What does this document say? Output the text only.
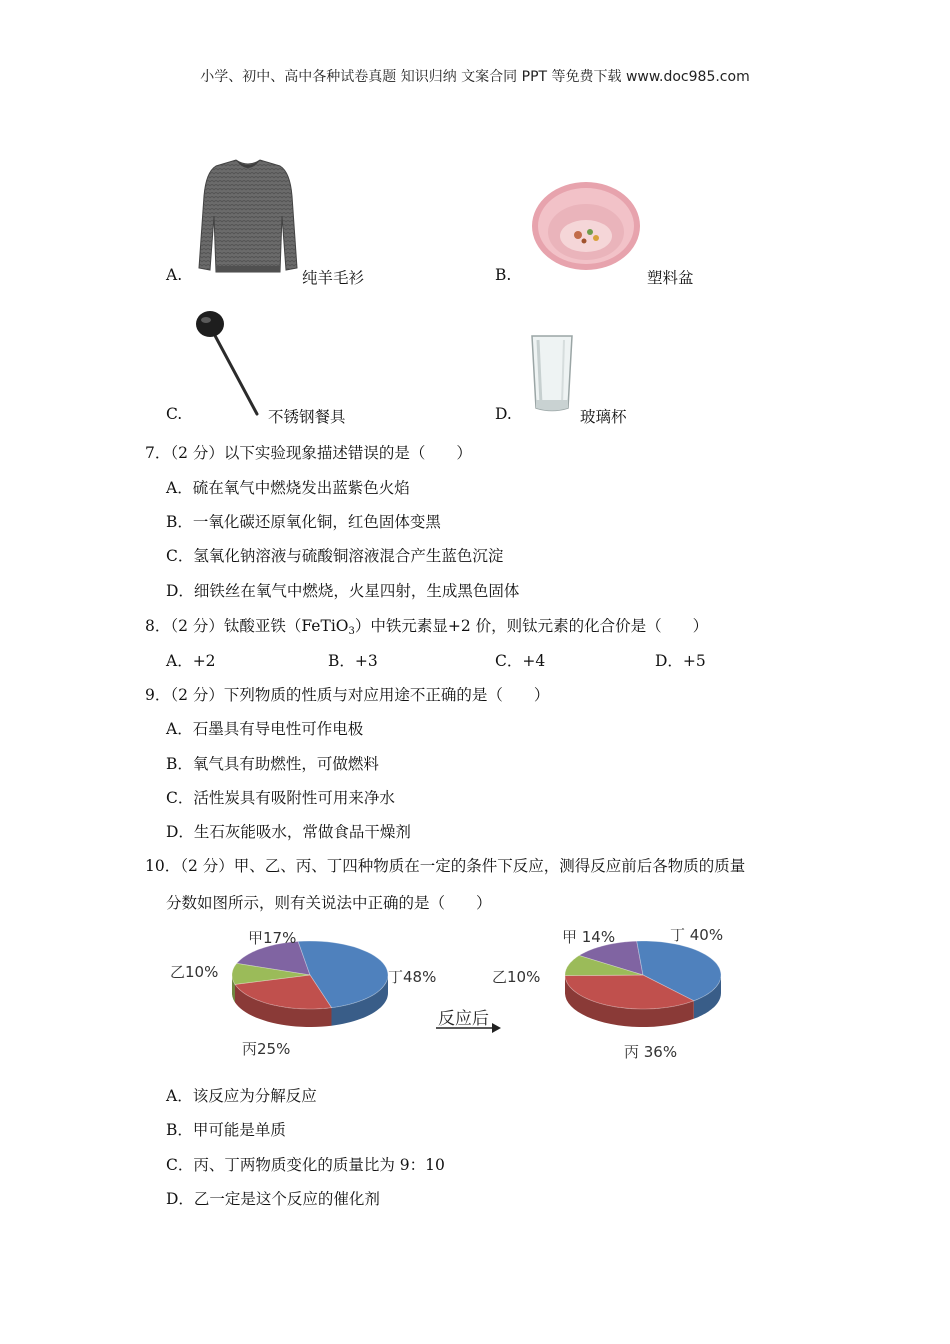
小学、初中、高中各种试卷真题 知识归纳 文案合同 PPT 等免费下载 www.doc985.com
A.	纯羊毛衫	B.	塑料盆
C.	不锈钢餐具	D.	玻璃杯
7．（2 分）以下实验现象描述错误的是（　　）
A．硫在氧气中燃烧发出蓝紫色火焰
B．一氧化碳还原氧化铜，红色固体变黑
C．氢氧化钠溶液与硫酸铜溶液混合产生蓝色沉淀
D．细铁丝在氧气中燃烧，火星四射，生成黑色固体
8．（2 分）钛酸亚铁（FeTiO$_3$）中铁元素显+2 价，则钛元素的化合价是（　　）
A．+2	B．+3	C．+4	D．+5
9．（2 分）下列物质的性质与对应用途不正确的是（　　）
A．石墨具有导电性可作电极
B．氧气具有助燃性，可做燃料
C．活性炭具有吸附性可用来净水
D．生石灰能吸水，常做食品干燥剂
10．（2 分）甲、乙、丙、丁四种物质在一定的条件下反应，测得反应前后各物质的质量
分数如图所示，则有关说法中正确的是（　　）
甲17%
丁48%
丙25%
乙10%
反应后
甲 14%	丁 40%
丙 36%
乙10%
A．该反应为分解反应
B．甲可能是单质
C．丙、丁两物质变化的质量比为 9：10
D．乙一定是这个反应的催化剂
